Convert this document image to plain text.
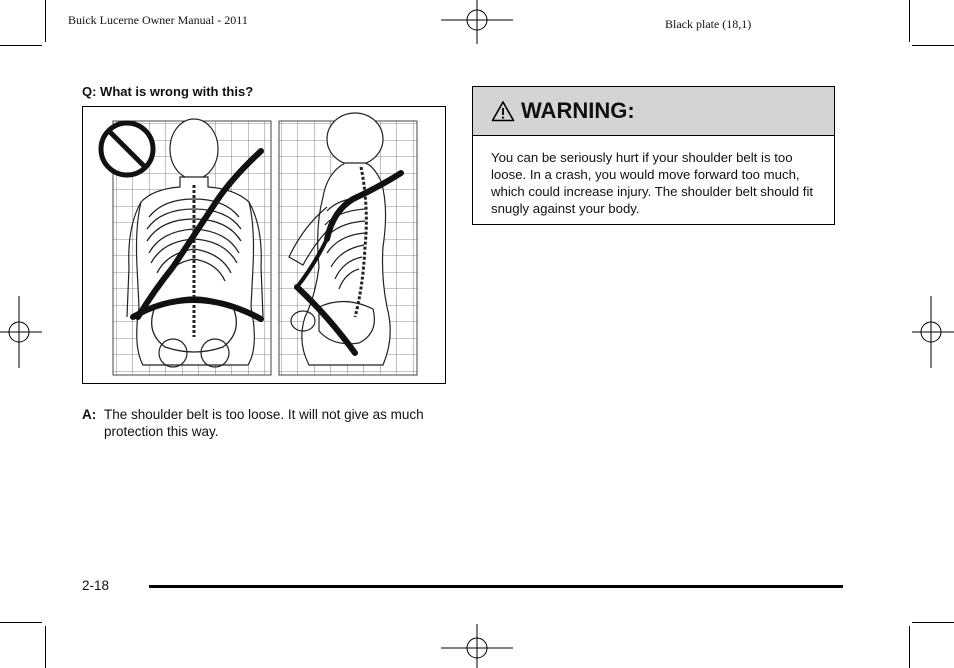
Buick Lucerne Owner Manual - 2011	Black plate (18,1)
Q: What is wrong with this?
A: The shoulder belt is too loose. It will not give as much protection this way.
WARNING:
You can be seriously hurt if your shoulder belt is too loose. In a crash, you would move forward too much, which could increase injury. The shoulder belt should fit snugly against your body.
2-18
